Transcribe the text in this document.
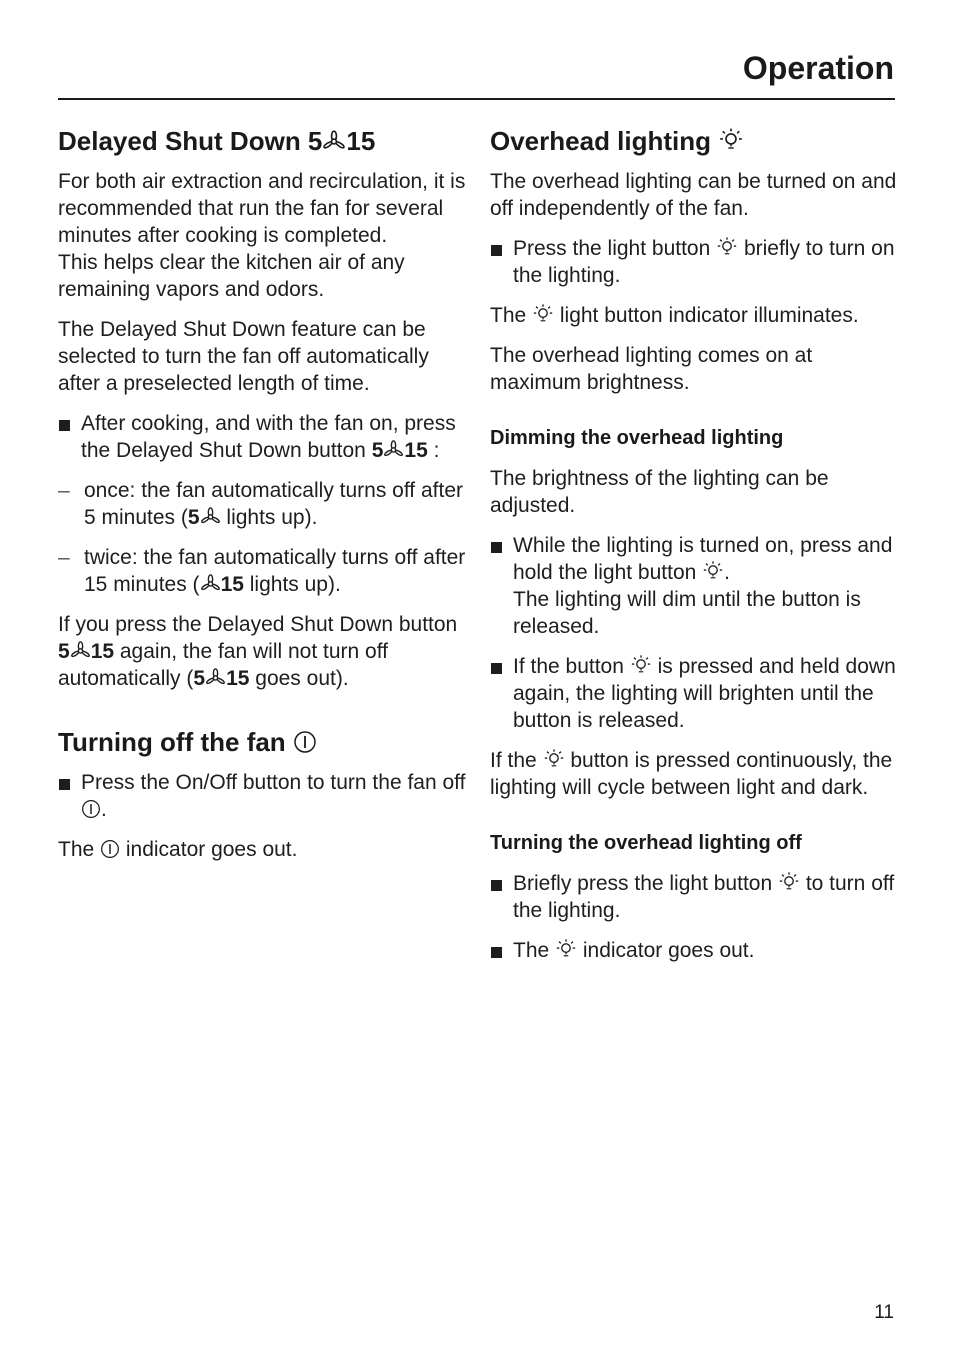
Operation
Delayed Shut Down 5 15

For both air extraction and recirculation, it is recommended that run the fan for several minutes after cooking is completed.
This helps clear the kitchen air of any remaining vapors and odors.

The Delayed Shut Down feature can be selected to turn the fan off automatically after a preselected length of time.

After cooking, and with the fan on, press the Delayed Shut Down button 5 15 :
– once: the fan automatically turns off after 5 minutes (5 lights up).
– twice: the fan automatically turns off after 15 minutes ( 15 lights up).

If you press the Delayed Shut Down button 5 15 again, the fan will not turn off automatically (5 15 goes out).

Turning off the fan
Press the On/Off button to turn the fan off .

The  indicator goes out.

Overhead lighting

The overhead lighting can be turned on and off independently of the fan.

Press the light button  briefly to turn on the lighting.

The  light button indicator illuminates.

The overhead lighting comes on at maximum brightness.

Dimming the overhead lighting

The brightness of the lighting can be adjusted.

While the lighting is turned on, press and hold the light button .
The lighting will dim until the button is released.
If the button  is pressed and held down again, the lighting will brighten until the button is released.

If the  button is pressed continuously, the lighting will cycle between light and dark.

Turning the overhead lighting off
Briefly press the light button  to turn off the lighting.
The  indicator goes out.
11
